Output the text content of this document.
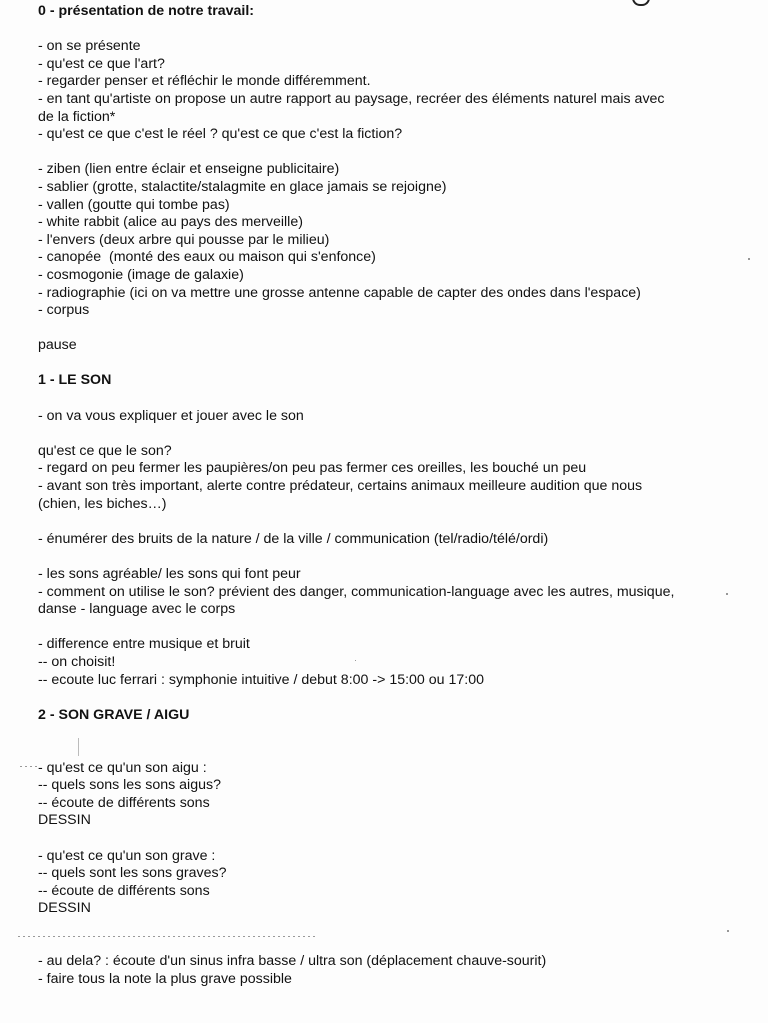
0 - présentation de notre travail:
- on se présente
- qu'est ce que l'art?
- regarder penser et réfléchir le monde différemment.
- en tant qu'artiste on propose un autre rapport au paysage, recréer des éléments naturel mais avec
de la fiction*
- qu'est ce que c'est le réel ? qu'est ce que c'est la fiction?
- ziben (lien entre éclair et enseigne publicitaire)
- sablier (grotte, stalactite/stalagmite en glace jamais se rejoigne)
- vallen (goutte qui tombe pas)
- white rabbit (alice au pays des merveille)
- l'envers (deux arbre qui pousse par le milieu)
- canopée  (monté des eaux ou maison qui s'enfonce)
- cosmogonie (image de galaxie)
- radiographie (ici on va mettre une grosse antenne capable de capter des ondes dans l'espace)
- corpus
pause
1 - LE SON
- on va vous expliquer et jouer avec le son
qu'est ce que le son?
- regard on peu fermer les paupières/on peu pas fermer ces oreilles, les bouché un peu
- avant son très important, alerte contre prédateur, certains animaux meilleure audition que nous
(chien, les biches…)
- énumérer des bruits de la nature / de la ville / communication (tel/radio/télé/ordi)
- les sons agréable/ les sons qui font peur
- comment on utilise le son? prévient des danger, communication-language avec les autres, musique,
danse - language avec le corps
- difference entre musique et bruit
-- on choisit!
-- ecoute luc ferrari : symphonie intuitive / debut 8:00 -> 15:00 ou 17:00
2 - SON GRAVE / AIGU
- qu'est ce qu'un son aigu :
-- quels sons les sons aigus?
-- écoute de différents sons
DESSIN
- qu'est ce qu'un son grave :
-- quels sont les sons graves?
-- écoute de différents sons
DESSIN
- au dela? : écoute d'un sinus infra basse / ultra son (déplacement chauve-sourit)
- faire tous la note la plus grave possible
